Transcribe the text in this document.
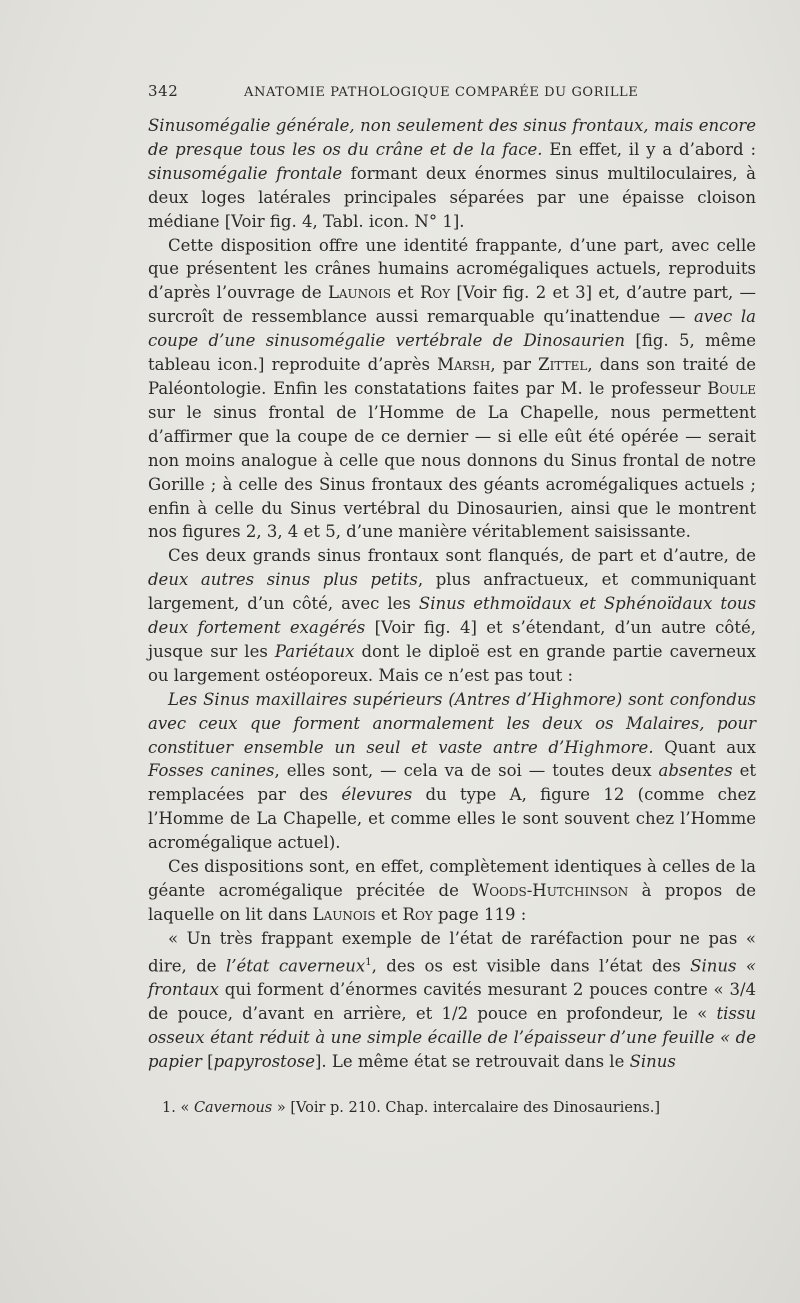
342	ANATOMIE PATHOLOGIQUE COMPARÉE DU GORILLE

Sinusomégalie générale, non seulement des sinus frontaux, mais encore de presque tous les os du crâne et de la face. En effet, il y a d’abord : sinusomégalie frontale formant deux énormes sinus multiloculaires, à deux loges latérales principales séparées par une épaisse cloison médiane [Voir fig. 4, Tabl. icon. N° 1].

Cette disposition offre une identité frappante, d’une part, avec celle que présentent les crânes humains acromégaliques actuels, reproduits d’après l’ouvrage de Launois et Roy [Voir fig. 2 et 3] et, d’autre part, — surcroît de ressemblance aussi remarquable qu’inattendue — avec la coupe d’une sinusomégalie vertébrale de Dinosaurien [fig. 5, même tableau icon.] reproduite d’après Marsh, par Zittel, dans son traité de Paléontologie. Enfin les constatations faites par M. le professeur Boule sur le sinus frontal de l’Homme de La Chapelle, nous permettent d’affirmer que la coupe de ce dernier — si elle eût été opérée — serait non moins analogue à celle que nous donnons du Sinus frontal de notre Gorille ; à celle des Sinus frontaux des géants acromégaliques actuels ; enfin à celle du Sinus vertébral du Dinosaurien, ainsi que le montrent nos figures 2, 3, 4 et 5, d’une manière véritablement saisissante.

Ces deux grands sinus frontaux sont flanqués, de part et d’autre, de deux autres sinus plus petits, plus anfractueux, et communiquant largement, d’un côté, avec les Sinus ethmoïdaux et Sphénoïdaux tous deux fortement exagérés [Voir fig. 4] et s’étendant, d’un autre côté, jusque sur les Pariétaux dont le diploë est en grande partie caverneux ou largement ostéoporeux. Mais ce n’est pas tout :

Les Sinus maxillaires supérieurs (Antres d’Highmore) sont confondus avec ceux que forment anormalement les deux os Malaires, pour constituer ensemble un seul et vaste antre d’Highmore. Quant aux Fosses canines, elles sont, — cela va de soi — toutes deux absentes et remplacées par des élevures du type A, figure 12 (comme chez l’Homme de La Chapelle, et comme elles le sont souvent chez l’Homme acromégalique actuel).

Ces dispositions sont, en effet, complètement identiques à celles de la géante acromégalique précitée de Woods-Hutchinson à propos de laquelle on lit dans Launois et Roy page 119 :

« Un très frappant exemple de l’état de raréfaction pour ne pas « dire, de l’état caverneux$^1$, des os est visible dans l’état des Sinus « frontaux qui forment d’énormes cavités mesurant 2 pouces contre « 3/4 de pouce, d’avant en arrière, et 1/2 pouce en profondeur, le « tissu osseux étant réduit à une simple écaille de l’épaisseur d’une feuille « de papier [papyrostose]. Le même état se retrouvait dans le Sinus

1. « Cavernous » [Voir p. 210. Chap. intercalaire des Dinosauriens.]
